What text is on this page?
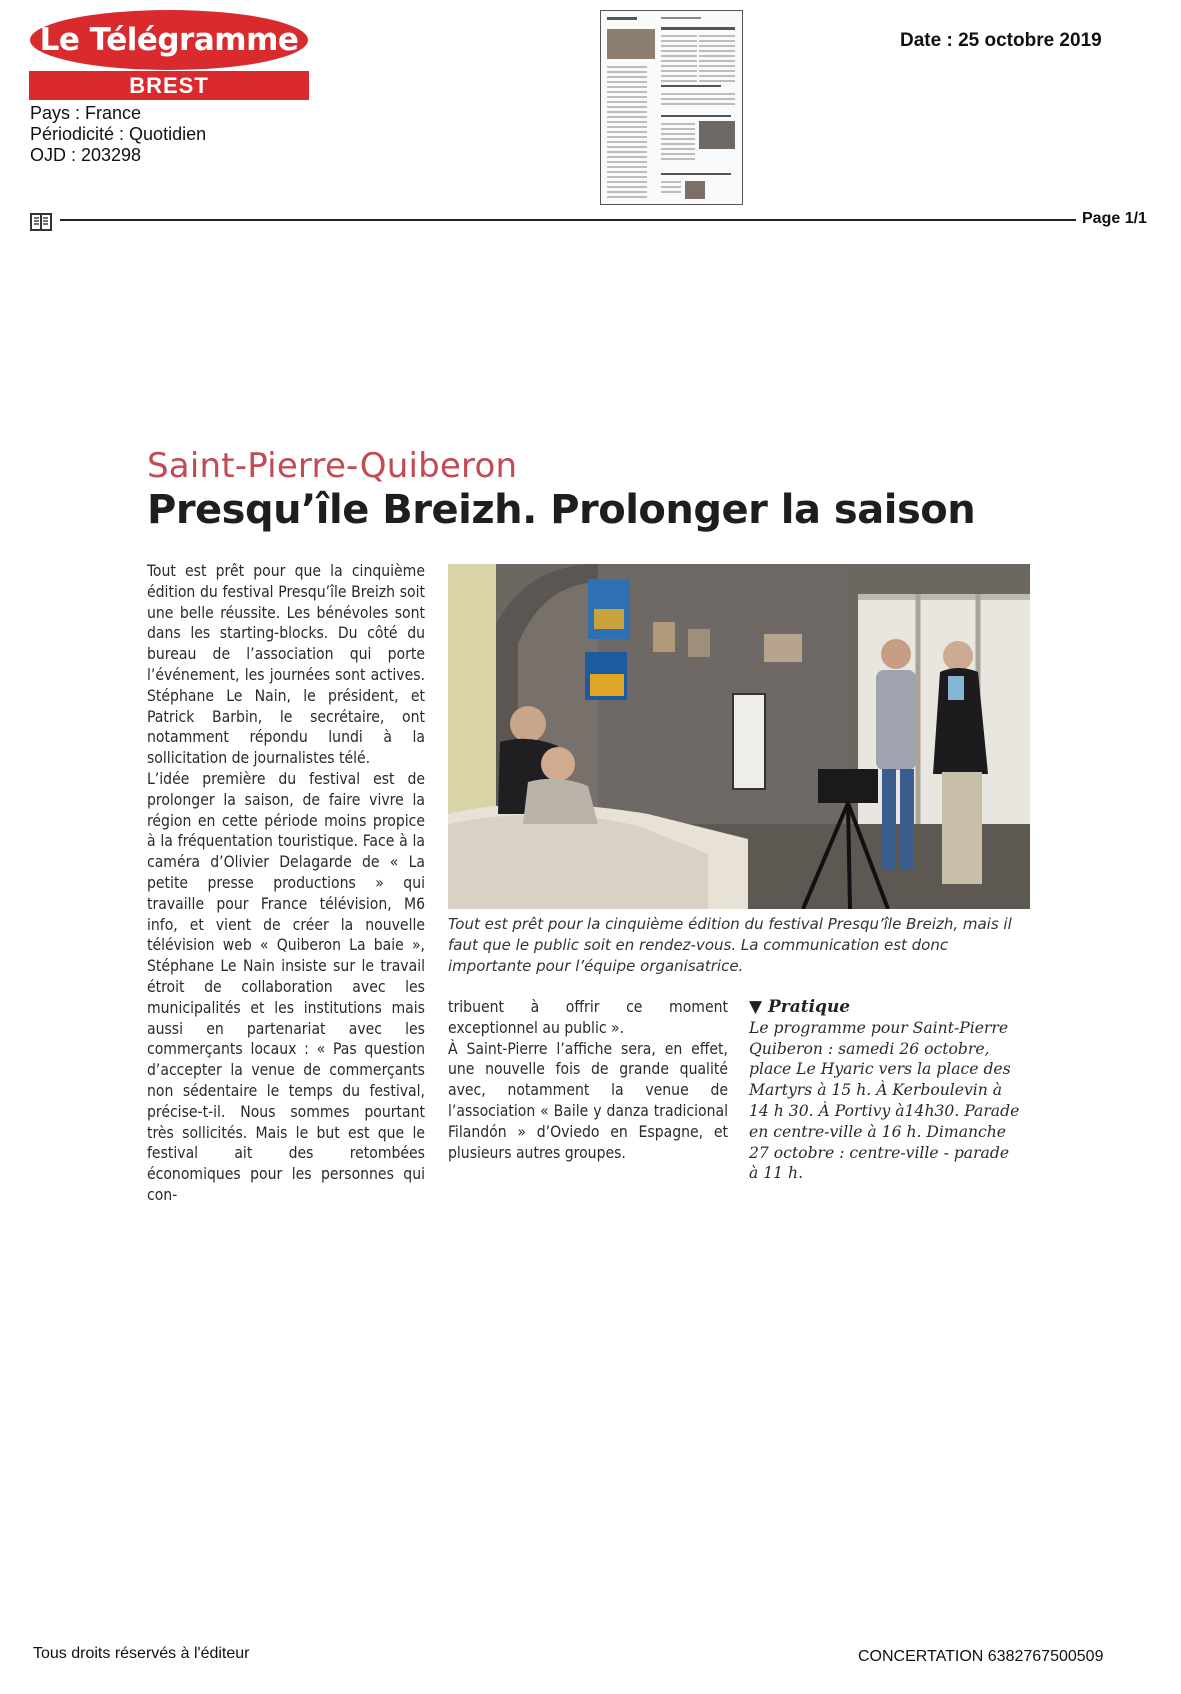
Le Télégramme
BREST
Pays : France
Périodicité : Quotidien
OJD : 203298
Date : 25 octobre 2019
Page 1/1
Saint-Pierre-Quiberon
Presqu’île Breizh. Prolonger la saison

Tout est prêt pour que la cinquième édition du festival Presqu’île Breizh soit une belle réussite. Les bénévoles sont dans les starting-blocks. Du côté du bureau de l’association qui porte l’événement, les journées sont actives. Stéphane Le Nain, le président, et Patrick Barbin, le secrétaire, ont notamment répondu lundi à la sollicitation de journalistes télé.

L’idée première du festival est de prolonger la saison, de faire vivre la région en cette période moins propice à la fréquentation touristique. Face à la caméra d’Olivier Delagarde de « La petite presse productions » qui travaille pour France télévision, M6 info, et vient de créer la nouvelle télévision web « Quiberon La baie », Stéphane Le Nain insiste sur le travail étroit de collaboration avec les municipalités et les institutions mais aussi en partenariat avec les commerçants locaux : « Pas question d’accepter la venue de commerçants non sédentaire le temps du festival, précise-t-il. Nous sommes pourtant très sollicités. Mais le but est que le festival ait des retombées économiques pour les personnes qui con-

Tout est prêt pour la cinquième édition du festival Presqu’île Breizh, mais il faut que le public soit en rendez-vous. La communication est donc importante pour l’équipe organisatrice.

tribuent à offrir ce moment exceptionnel au public ».

À Saint-Pierre l’affiche sera, en effet, une nouvelle fois de grande qualité avec, notamment la venue de l’association « Baile y danza tradicional Filandón » d’Oviedo en Espagne, et plusieurs autres groupes.

▼ Pratique

Le programme pour Saint-Pierre Quiberon : samedi 26 octobre, place Le Hyaric vers la place des Martyrs à 15 h. À Kerboulevin à 14 h 30. À Portivy à14h30. Parade en centre-ville à 16 h. Dimanche 27 octobre : centre-ville - parade à 11 h.

Tous droits réservés à l'éditeur	CONCERTATION 6382767500509
